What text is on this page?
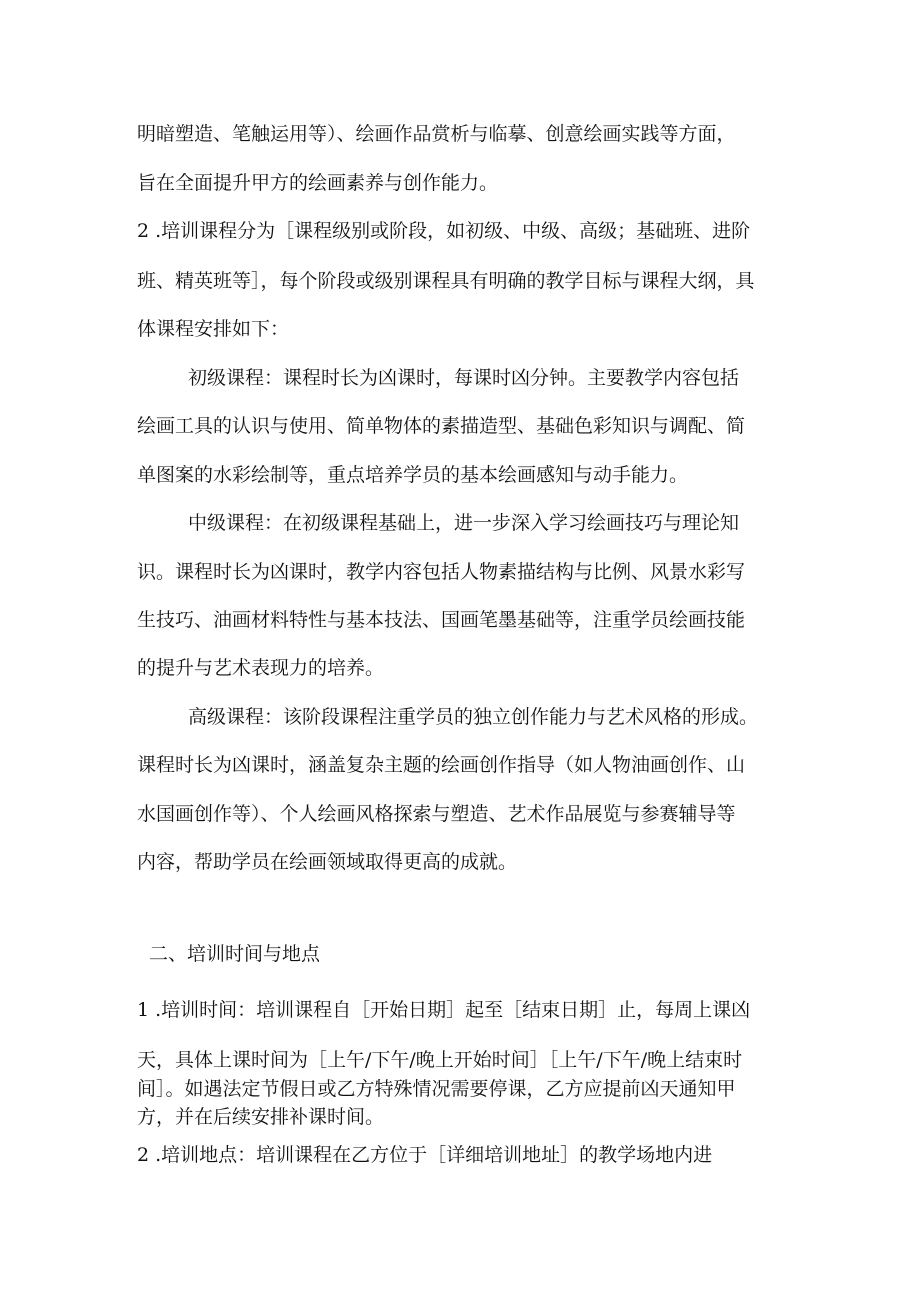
明暗塑造、笔触运用等）、绘画作品赏析与临摹、创意绘画实践等方面，
旨在全面提升甲方的绘画素养与创作能力。
2 .培训课程分为［课程级别或阶段，如初级、中级、高级；基础班、进阶
班、精英班等］，每个阶段或级别课程具有明确的教学目标与课程大纲，具
体课程安排如下：
初级课程：课程时长为凶课时，每课时凶分钟。主要教学内容包括
绘画工具的认识与使用、简单物体的素描造型、基础色彩知识与调配、简
单图案的水彩绘制等，重点培养学员的基本绘画感知与动手能力。
中级课程：在初级课程基础上，进一步深入学习绘画技巧与理论知
识。课程时长为凶课时，教学内容包括人物素描结构与比例、风景水彩写
生技巧、油画材料特性与基本技法、国画笔墨基础等，注重学员绘画技能
的提升与艺术表现力的培养。
高级课程：该阶段课程注重学员的独立创作能力与艺术风格的形成。
课程时长为凶课时，涵盖复杂主题的绘画创作指导（如人物油画创作、山
水国画创作等）、个人绘画风格探索与塑造、艺术作品展览与参赛辅导等
内容，帮助学员在绘画领域取得更高的成就。
二、培训时间与地点
1 .培训时间：培训课程自［开始日期］起至［结束日期］止，每周上课凶
天，具体上课时间为［上午/下午/晚上开始时间］［上午/下午/晚上结束时
间］。如遇法定节假日或乙方特殊情况需要停课，乙方应提前凶天通知甲
方，并在后续安排补课时间。
2 .培训地点：培训课程在乙方位于［详细培训地址］的教学场地内进
